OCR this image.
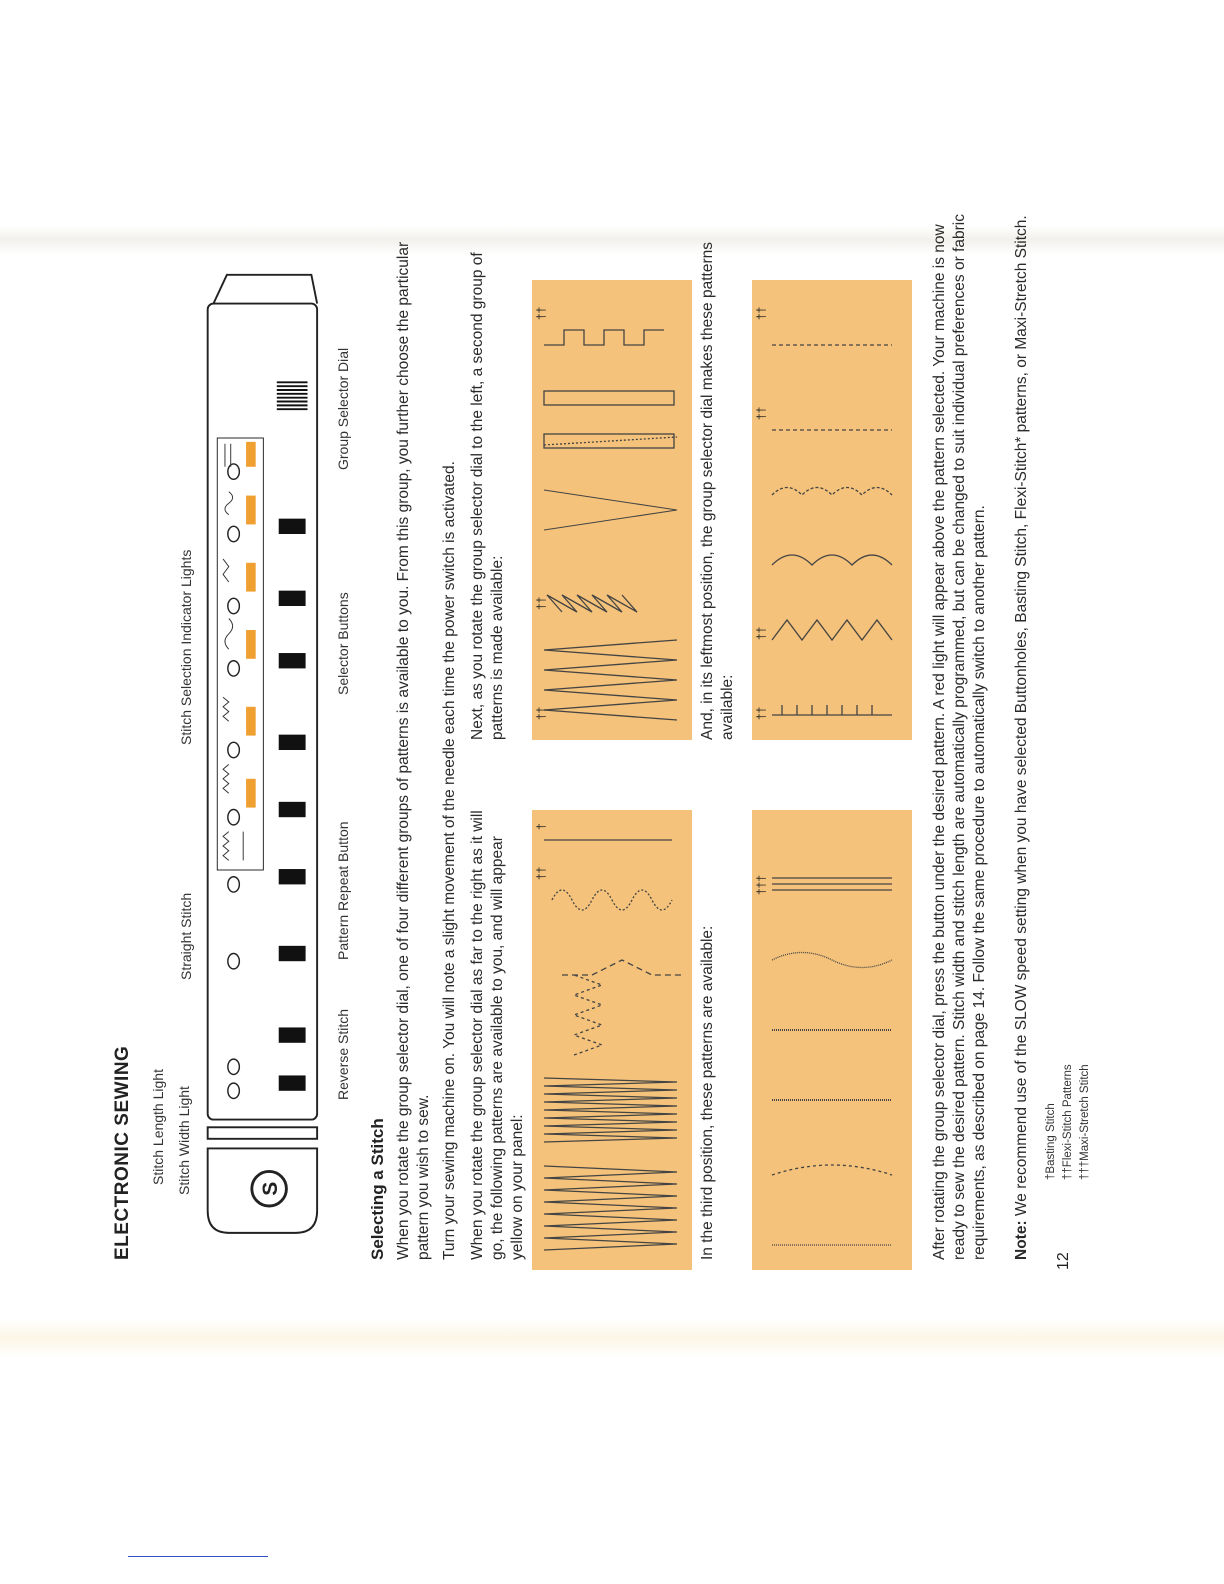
ELECTRONIC SEWING Stitch Length Light Stitch Width Light
Straight Stitch
Stitch Selection Indicator Lights
S
Reverse Stitch
Pattern Repeat Button
Selector Buttons
Group Selector Dial
Selecting a Stitch When you rotate the group selector dial, one of four different groups of patterns is available to you. From this group, you further choose the particular pattern you wish to sew. Turn your sewing machine on. You will note a slight movement of the needle each time the power switch is activated. When you rotate the group selector dial as far to the right as it will go, the following patterns are available to you, and will appear yellow on your panel:
Next, as you rotate the group selector dial to the left, a second group of patterns is made available:
††
†
††
††
††
In the third position, these patterns are available:
And, in its leftmost position, the group selector dial makes these patterns available:
†††
††
††
††
††	After rotating the group selector dial, press the button under the desired pattern. A red light will appear above the pattern selected. Your machine is now ready to sew the desired pattern. Stitch width and stitch length are automatically programmed, but can be changed to suit individual preferences or fabric requirements, as described on page 14. Follow the same procedure to automatically switch to another pattern. Note: We recommend use of the SLOW speed setting when you have selected Buttonholes, Basting Stitch, Flexi-Stitch* patterns, or Maxi-Stretch Stitch.
12
†Basting Stitch ††Flexi-Stitch Patterns †††Maxi-Stretch Stitch
